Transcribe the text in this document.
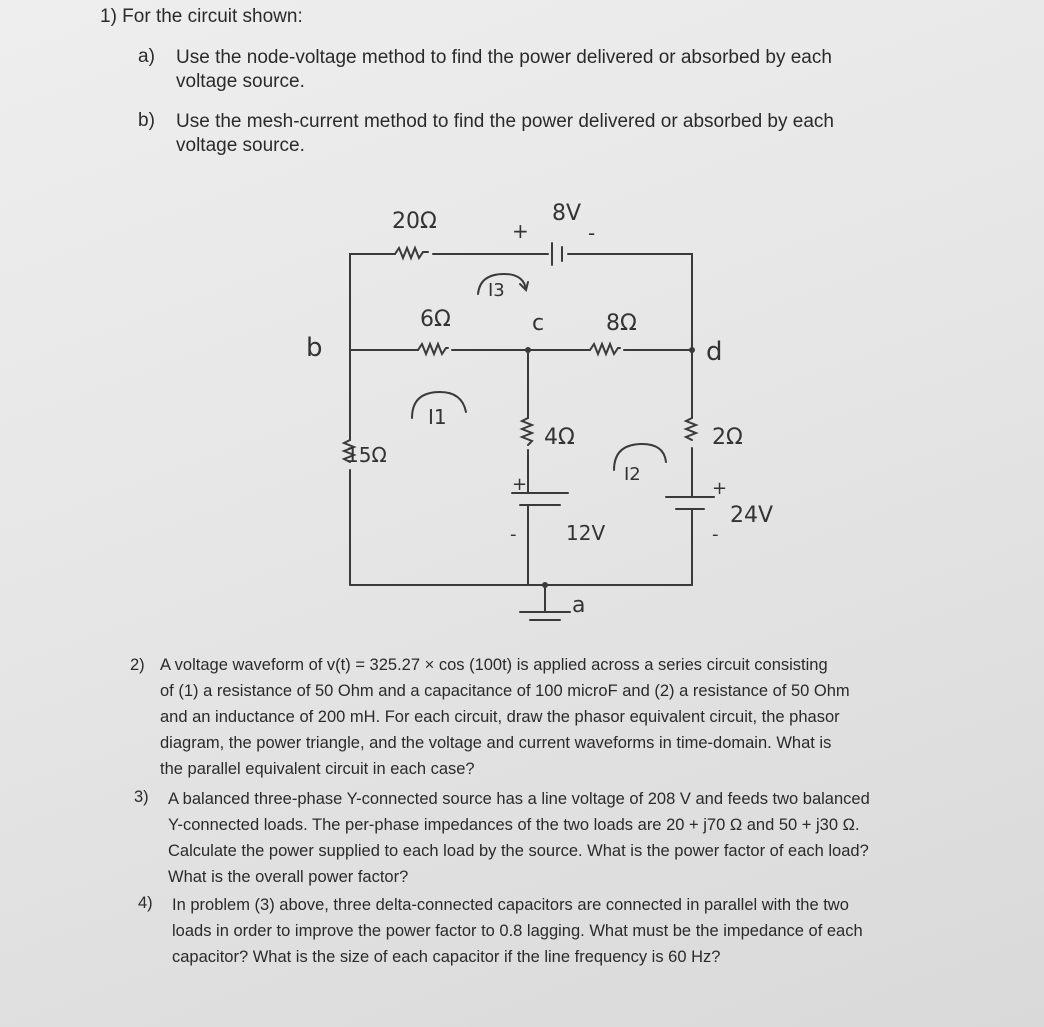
1) For the circuit shown:
a) Use the node-voltage method to find the power delivered or absorbed by each
voltage source.
b) Use the mesh-current method to find the power delivered or absorbed by each
voltage source.
20Ω	8V
+	-
I3
6Ω	c	8Ω
b	d
I1
4Ω	2Ω
15Ω
I2
12V
+
-
24V
+
-
a
2) A voltage waveform of v(t) = 325.27 × cos (100t) is applied across a series circuit consisting
of (1) a resistance of 50 Ohm and a capacitance of 100 microF and (2) a resistance of 50 Ohm
and an inductance of 200 mH. For each circuit, draw the phasor equivalent circuit, the phasor
diagram, the power triangle, and the voltage and current waveforms in time-domain. What is
the parallel equivalent circuit in each case?
3) A balanced three-phase Y-connected source has a line voltage of 208 V and feeds two balanced
Y-connected loads. The per-phase impedances of the two loads are 20 + j70 Ω and 50 + j30 Ω.
Calculate the power supplied to each load by the source. What is the power factor of each load?
What is the overall power factor?
4) In problem (3) above, three delta-connected capacitors are connected in parallel with the two
loads in order to improve the power factor to 0.8 lagging. What must be the impedance of each
capacitor? What is the size of each capacitor if the line frequency is 60 Hz?
